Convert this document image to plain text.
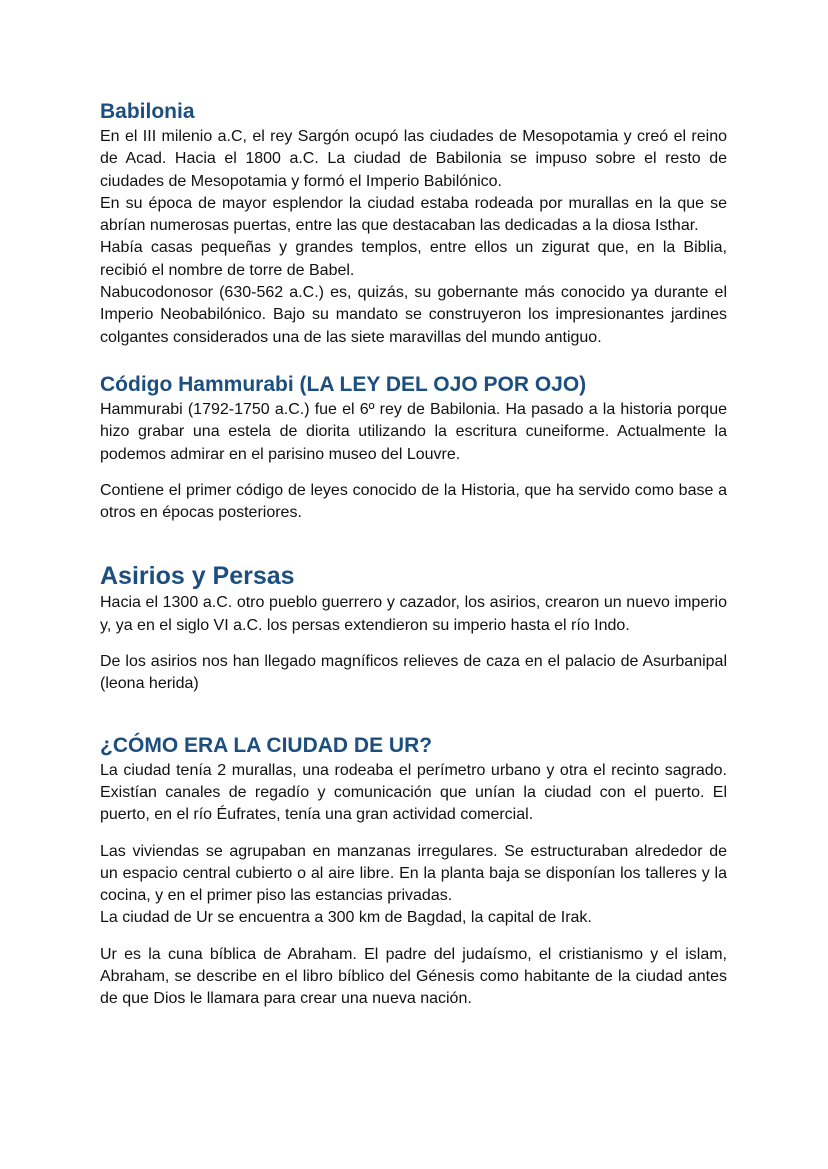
Babilonia

En el III milenio a.C, el rey Sargón ocupó las ciudades de Mesopotamia y creó el reino de Acad. Hacia el 1800 a.C. La ciudad de Babilonia se impuso sobre el resto de ciudades de Mesopotamia y formó el Imperio Babilónico.

En su época de mayor esplendor la ciudad estaba rodeada por murallas en la que se abrían numerosas puertas, entre las que destacaban las dedicadas a la diosa Isthar.

Había casas pequeñas y grandes templos, entre ellos un zigurat que, en la Biblia, recibió el nombre de torre de Babel.

Nabucodonosor (630-562 a.C.) es, quizás, su gobernante más conocido ya durante el Imperio Neobabilónico. Bajo su mandato se construyeron los impresionantes jardines colgantes considerados una de las siete maravillas del mundo antiguo.

Código Hammurabi (LA LEY DEL OJO POR OJO)

Hammurabi (1792-1750 a.C.) fue el 6º rey de Babilonia. Ha pasado a la historia porque hizo grabar una estela de diorita utilizando la escritura cuneiforme. Actualmente la podemos admirar en el parisino museo del Louvre.

Contiene el primer código de leyes conocido de la Historia, que ha servido como base a otros en épocas posteriores.

Asirios y Persas

Hacia el 1300 a.C. otro pueblo guerrero y cazador, los asirios, crearon un nuevo imperio y, ya en el siglo VI a.C. los persas extendieron su imperio hasta el río Indo.

De los asirios nos han llegado magníficos relieves de caza en el palacio de Asurbanipal (leona herida)

¿CÓMO ERA LA CIUDAD DE UR?

La ciudad tenía 2 murallas, una rodeaba el perímetro urbano y otra el recinto sagrado. Existían canales de regadío y comunicación que unían la ciudad con el puerto. El puerto, en el río Éufrates, tenía una gran actividad comercial.

Las viviendas se agrupaban en manzanas irregulares. Se estructuraban alrededor de un espacio central cubierto o al aire libre. En la planta baja se disponían los talleres y la cocina, y en el primer piso las estancias privadas.

La ciudad de Ur se encuentra a 300 km de Bagdad, la capital de Irak.

Ur es la cuna bíblica de Abraham. El padre del judaísmo, el cristianismo y el islam, Abraham, se describe en el libro bíblico del Génesis como habitante de la ciudad antes de que Dios le llamara para crear una nueva nación.
